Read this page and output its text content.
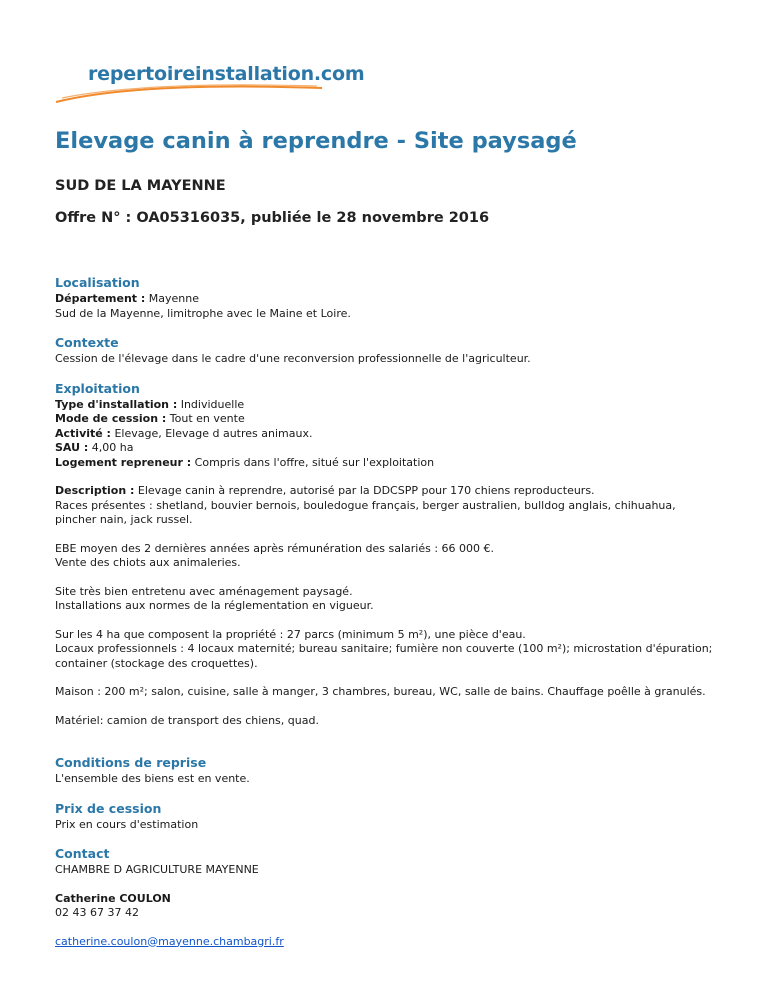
repertoireinstallation.com
Elevage canin à reprendre - Site paysagé
SUD DE LA MAYENNE
Offre N° : OA05316035, publiée le 28 novembre 2016
Localisation
Département : Mayenne
Sud de la Mayenne, limitrophe avec le Maine et Loire.
Contexte

Cession de l'élevage dans le cadre d'une reconversion professionnelle de l'agriculteur.

Exploitation
Type d'installation : Individuelle
Mode de cession : Tout en vente
Activité : Elevage, Elevage d autres animaux.
SAU : 4,00 ha
Logement repreneur : Compris dans l'offre, situé sur l'exploitation
Description : Elevage canin à reprendre, autorisé par la DDCSPP pour 170 chiens reproducteurs.

Races présentes : shetland, bouvier bernois, bouledogue français, berger australien, bulldog anglais, chihuahua, pincher nain, jack russel.

EBE moyen des 2 dernières années après rémunération des salariés : 66 000 €.
Vente des chiots aux animaleries.
Site très bien entretenu avec aménagement paysagé.
Installations aux normes de la réglementation en vigueur.
Sur les 4 ha que composent la propriété : 27 parcs (minimum 5 m²), une pièce d'eau.

Locaux professionnels : 4 locaux maternité; bureau sanitaire; fumière non couverte (100 m²); microstation d'épuration; container (stockage des croquettes).

Maison : 200 m²; salon, cuisine, salle à manger, 3 chambres, bureau, WC, salle de bains. Chauffage poêlle à granulés.

Matériel: camion de transport des chiens, quad.

Conditions de reprise

L'ensemble des biens est en vente.

Prix de cession

Prix en cours d'estimation

Contact

CHAMBRE D AGRICULTURE MAYENNE

Catherine COULON
02 43 67 37 42

catherine.coulon@mayenne.chambagri.fr
